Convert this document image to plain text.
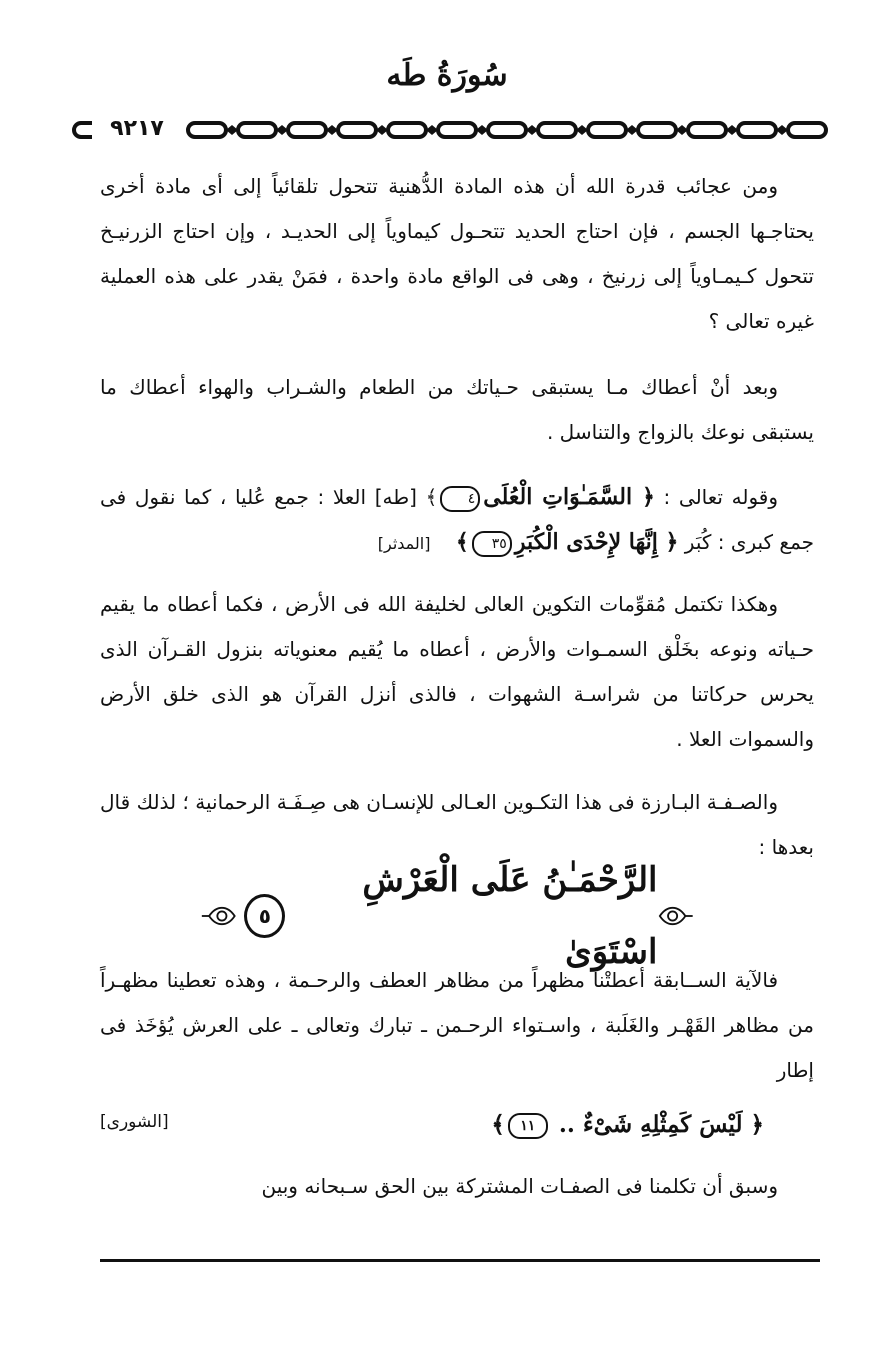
سُورَةُ طَه
٩٢١٧

ومن عجائب قدرة الله أن هذه المادة الدُّهنية تتحول تلقائياً إلى أى مادة أخرى يحتاجـها الجسم ، فإن احتاج الحديد تتحـول كيماوياً إلى الحديـد ، وإن احتاج الزرنيـخ تتحول كـيمـاوياً إلى زرنيخ ، وهى فى الواقع مادة واحدة ، فمَنْ يقدر على هذه العملية غيره تعالى ؟

وبعد أنْ أعطاك مـا يستبقى حـياتك من الطعام والشـراب والهواء أعطاك ما يستبقى نوعك بالزواج والتناسل .

وقوله تعالى : ﴿ السَّمَـٰوَاتِ الْعُلَى٤﴾ [طه] العلا : جمع عُليا ، كما نقول فى جمع كبرى : كُبَر ﴿ إِنَّهَا لإِحْدَى الْكُبَرِ٣٥﴾    [المدثر]

وهكذا تكتمل مُقوِّمات التكوين العالى لخليفة الله فى الأرض ، فكما أعطاه ما يقيم حـياته ونوعه بخَلْق السمـوات والأرض ، أعطاه ما يُقيم معنوياته بنزول القـرآن الذى يحرس حركاتنا من شراسـة الشهوات ، فالذى أنزل القرآن هو الذى خلق الأرض والسموات العلا .

والصـفـة البـارزة فى هذا التكـوين العـالى للإنسـان هى صِـفَـة الرحمانية ؛ لذلك قال بعدها :

الرَّحْمَـٰنُ عَلَى الْعَرْشِ اسْتَوَىٰ
٥

فالآية الســابقة أعطتْنا مظهراً من مظاهر العطف والرحـمة ، وهذه تعطينا مظهـراً من مظاهر القَهْـر والغَلَبة ، واسـتواء الرحـمن ـ تبارك وتعالى ـ على العرش يُؤخَذ فى إطار

﴿ لَيْسَ كَمِثْلِهِ شَىْءٌ .. ١١﴾
[الشورى]

وسبق أن تكلمنا فى الصفـات المشتركة بين الحق سـبحانه وبين
